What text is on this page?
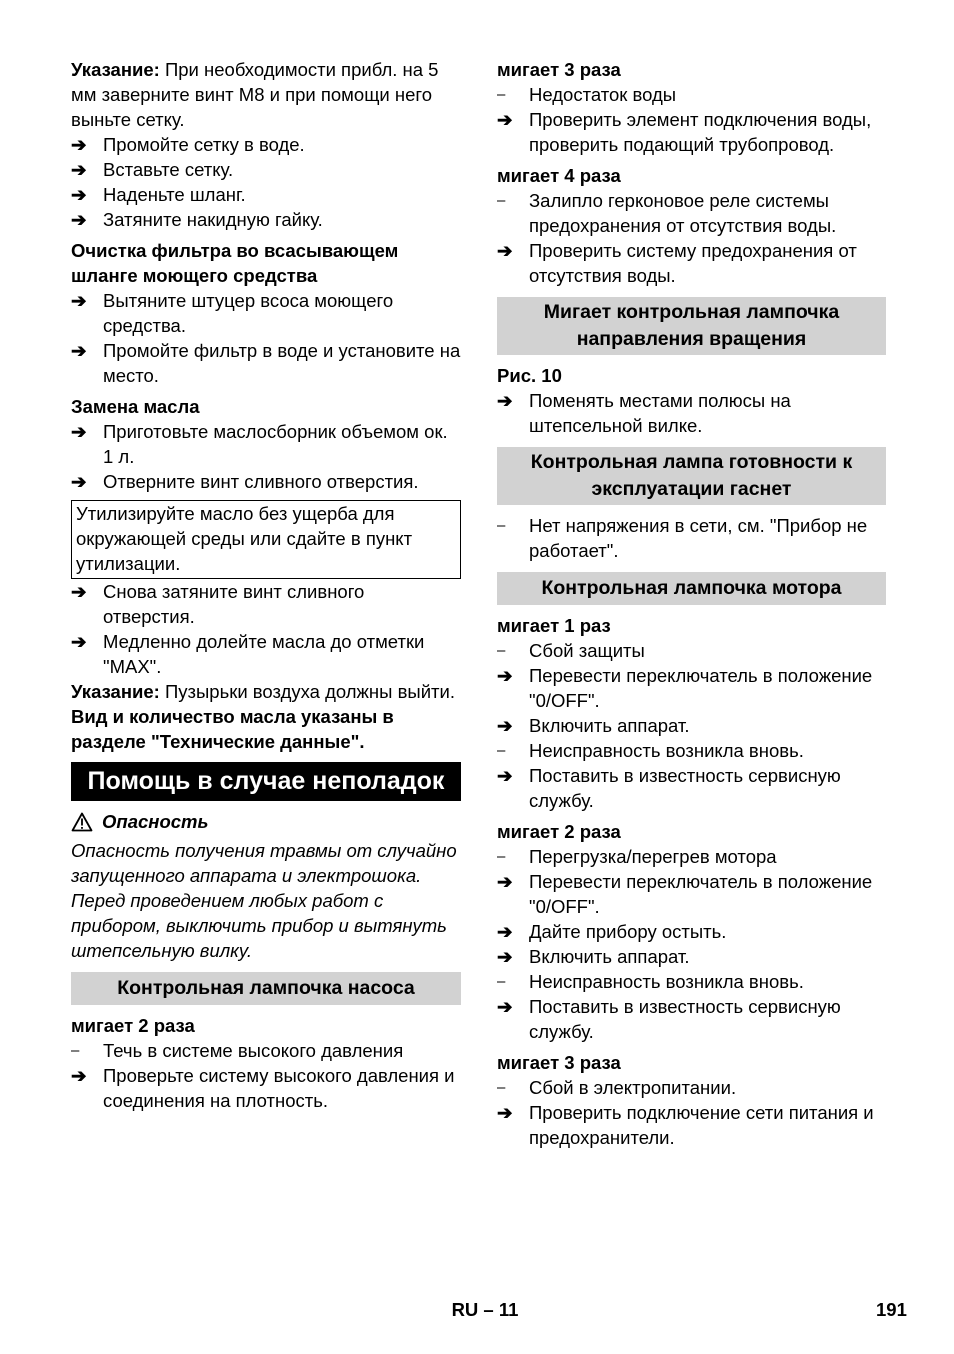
Указание: При необходимости прибл. на 5 мм заверните винт M8 и при помощи него выньте сетку.

➔ Промойте сетку в воде.
➔ Вставьте сетку.
➔ Наденьте шланг.
➔ Затяните накидную гайку.

Очистка фильтра во всасывающем шланге моющего средства

➔ Вытяните штуцер всоса моющего средства.
➔ Промойте фильтр в воде и установите на место.

Замена масла

➔ Приготовьте маслосборник объемом ок. 1 л.
➔ Отверните винт сливного отверстия.
Утилизируйте масло без ущерба для окружающей среды или сдайте в пункт утилизации.
➔ Снова затяните винт сливного отверстия.
➔ Медленно долейте масла до отметки "MAX".

Указание: Пузырьки воздуха должны выйти.

Вид и количество масла указаны в разделе "Технические данные".

Помощь в случае неполадок
Опасность

Опасность получения травмы от случайно запущенного аппарата и электрошока.

Перед проведением любых работ с прибором, выключить прибор и вытянуть штепсельную вилку.

Контрольная лампочка насоса

мигает 2 раза

–	Течь в системе высокого давления
➔ Проверьте систему высокого давления и соединения на плотность.

мигает 3 раза

–	Недостаток воды
➔ Проверить элемент подключения воды, проверить подающий трубопровод.

мигает 4 раза

–	Залипло герконовое реле системы предохранения от отсутствия воды.
➔ Проверить систему предохранения от отсутствия воды.
Мигает контрольная лампочка направления вращения

Рис. 10

➔ Поменять местами полюсы на штепсельной вилке.
Контрольная лампа готовности к эксплуатации гаснет
–	Нет напряжения в сети, см. "Прибор не работает".
Контрольная лампочка мотора

мигает 1 раз

–	Сбой защиты
➔ Перевести переключатель в положение "0/OFF".
➔ Включить аппарат.
–	Неисправность возникла вновь.
➔ Поставить в известность сервисную службу.

мигает 2 раза

–	Перегрузка/перегрев мотора
➔ Перевести переключатель в положение "0/OFF".
➔ Дайте прибору остыть.
➔ Включить аппарат.
–	Неисправность возникла вновь.
➔ Поставить в известность сервисную службу.

мигает 3 раза

–	Сбой в электропитании.
➔ Проверить подключение сети питания и предохранители.
RU – 11	191
